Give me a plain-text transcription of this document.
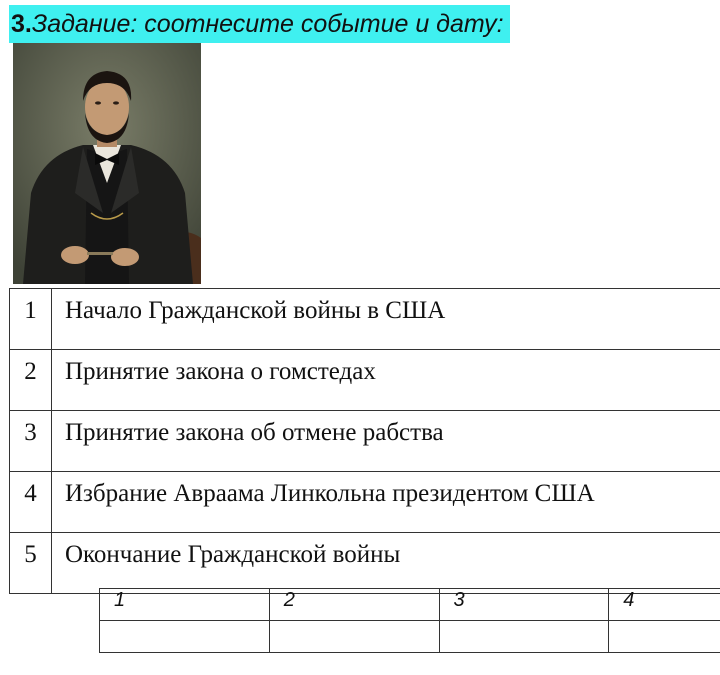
3.Задание: соотнесите событие и дату:
1	Начало Гражданской войны в США
2	Принятие закона о гомстедах
3	Принятие закона об отмене рабства
4	Избрание Авраама Линкольна президентом США
5	Окончание Гражданской войны
1	2	3	4
